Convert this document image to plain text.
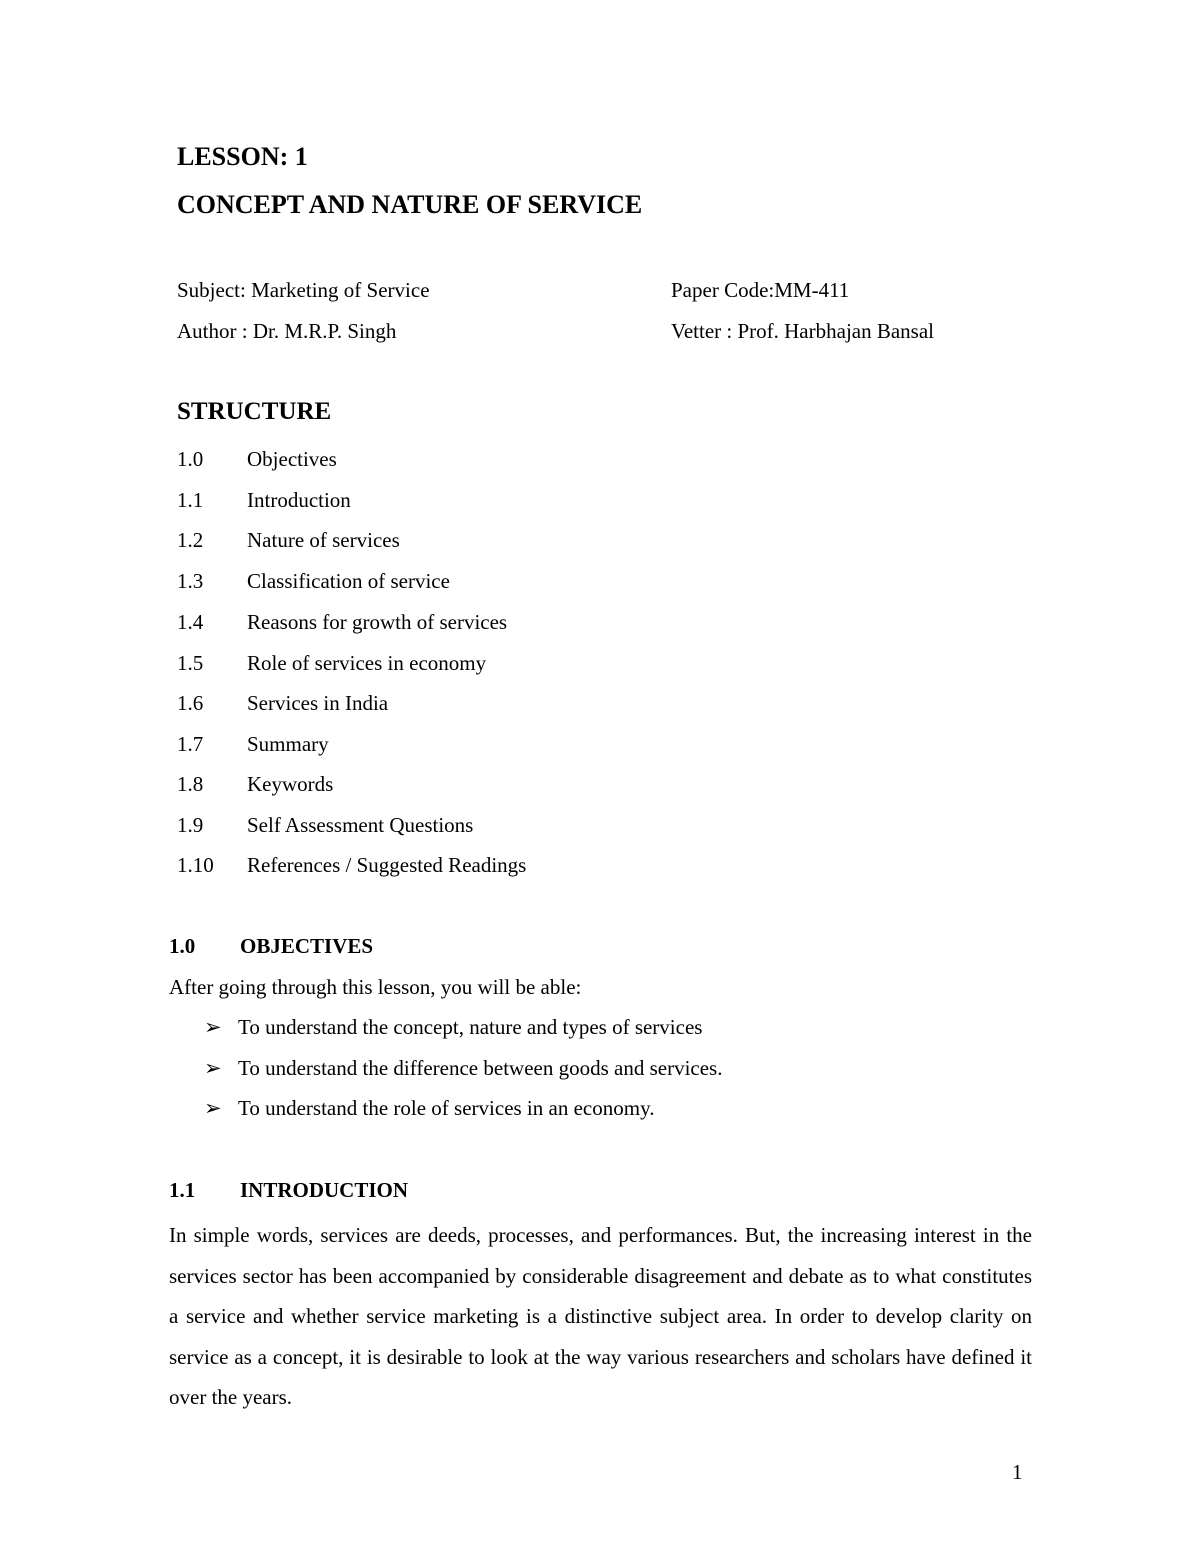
LESSON: 1
CONCEPT AND NATURE OF SERVICE
Subject: Marketing of Service	Paper Code:MM-411
Author : Dr. M.R.P. Singh	Vetter : Prof. Harbhajan Bansal
STRUCTURE
1.0 Objectives
1.1 Introduction
1.2 Nature of services
1.3 Classification of service
1.4 Reasons for growth of services
1.5 Role of services in economy
1.6 Services in India
1.7 Summary
1.8 Keywords
1.9 Self Assessment Questions
1.10 References / Suggested Readings
1.0 OBJECTIVES
After going through this lesson, you will be able:
➢ To understand the concept, nature and types of services
➢ To understand the difference between goods and services.
➢ To understand the role of services in an economy.
1.1 INTRODUCTION
In simple words, services are deeds, processes, and performances. But, the increasing interest in the services sector has been accompanied by considerable disagreement and debate as to what constitutes a service and whether service marketing is a distinctive subject area. In order to develop clarity on service as a concept, it is desirable to look at the way various researchers and scholars have defined it over the years.
1
